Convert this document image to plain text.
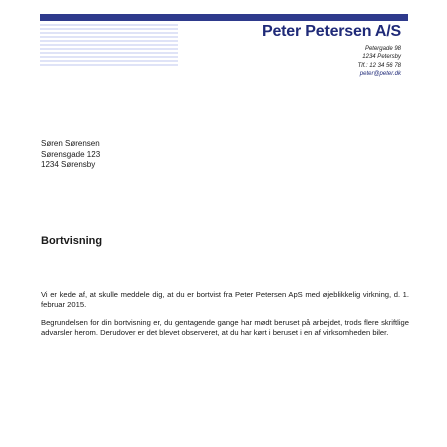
Peter Petersen A/S
Petergade 98
1234 Petersby
Tlf.: 12 34 56 78
peter@peter.dk
Søren Sørensen
Sørensgade 123
1234 Sørensby
Bortvisning

Vi er kede af, at skulle meddele dig, at du er bortvist fra Peter Petersen ApS med øjeblikkelig virkning, d. 1. februar 2015.

Begrundelsen for din bortvisning er, du gentagende gange har mødt beruset på arbejdet, trods flere skriftlige advarsler herom. Derudover er det blevet observeret, at du har kørt i beruset i en af virksomheden biler.
